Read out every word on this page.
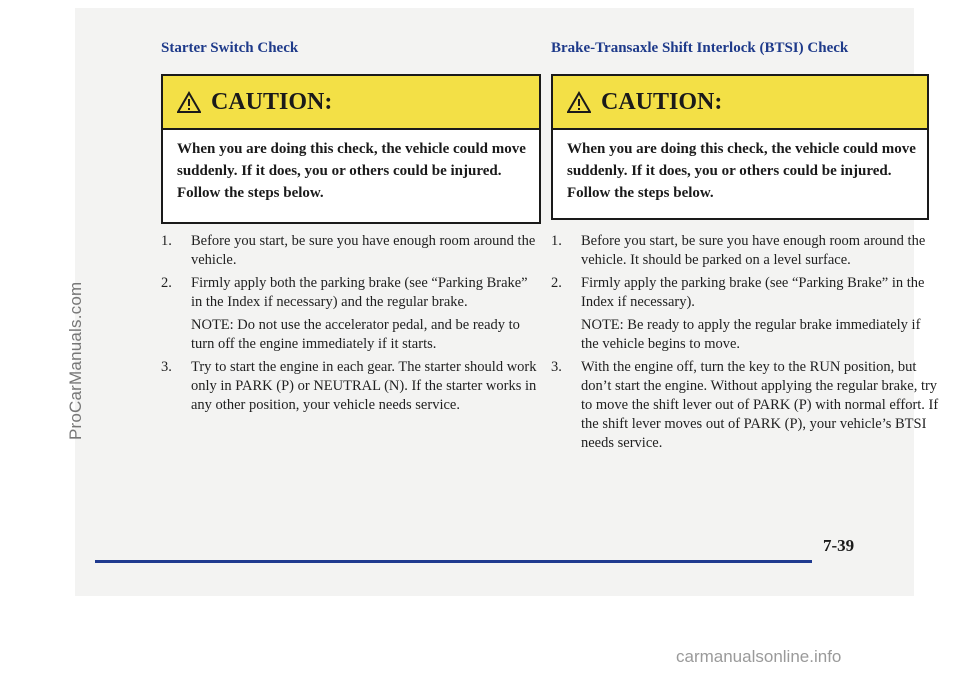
Starter Switch Check
CAUTION:
When you are doing this check, the vehicle could move suddenly. If it does, you or others could be injured. Follow the steps below.
1. Before you start, be sure you have enough room around the vehicle.
2. Firmly apply both the parking brake (see “Parking Brake” in the Index if necessary) and the regular brake.
NOTE: Do not use the accelerator pedal, and be ready to turn off the engine immediately if it starts.
3. Try to start the engine in each gear. The starter should work only in PARK (P) or NEUTRAL (N). If the starter works in any other position, your vehicle needs service.
Brake-Transaxle Shift Interlock (BTSI) Check
CAUTION:
When you are doing this check, the vehicle could move suddenly. If it does, you or others could be injured. Follow the steps below.
1. Before you start, be sure you have enough room around the vehicle. It should be parked on a level surface.
2. Firmly apply the parking brake (see “Parking Brake” in the Index if necessary).
NOTE: Be ready to apply the regular brake immediately if the vehicle begins to move.
3. With the engine off, turn the key to the RUN position, but don’t start the engine. Without applying the regular brake, try to move the shift lever out of PARK (P) with normal effort. If the shift lever moves out of PARK (P), your vehicle’s BTSI needs service.
7-39
ProCarManuals.com
carmanualsonline.info
